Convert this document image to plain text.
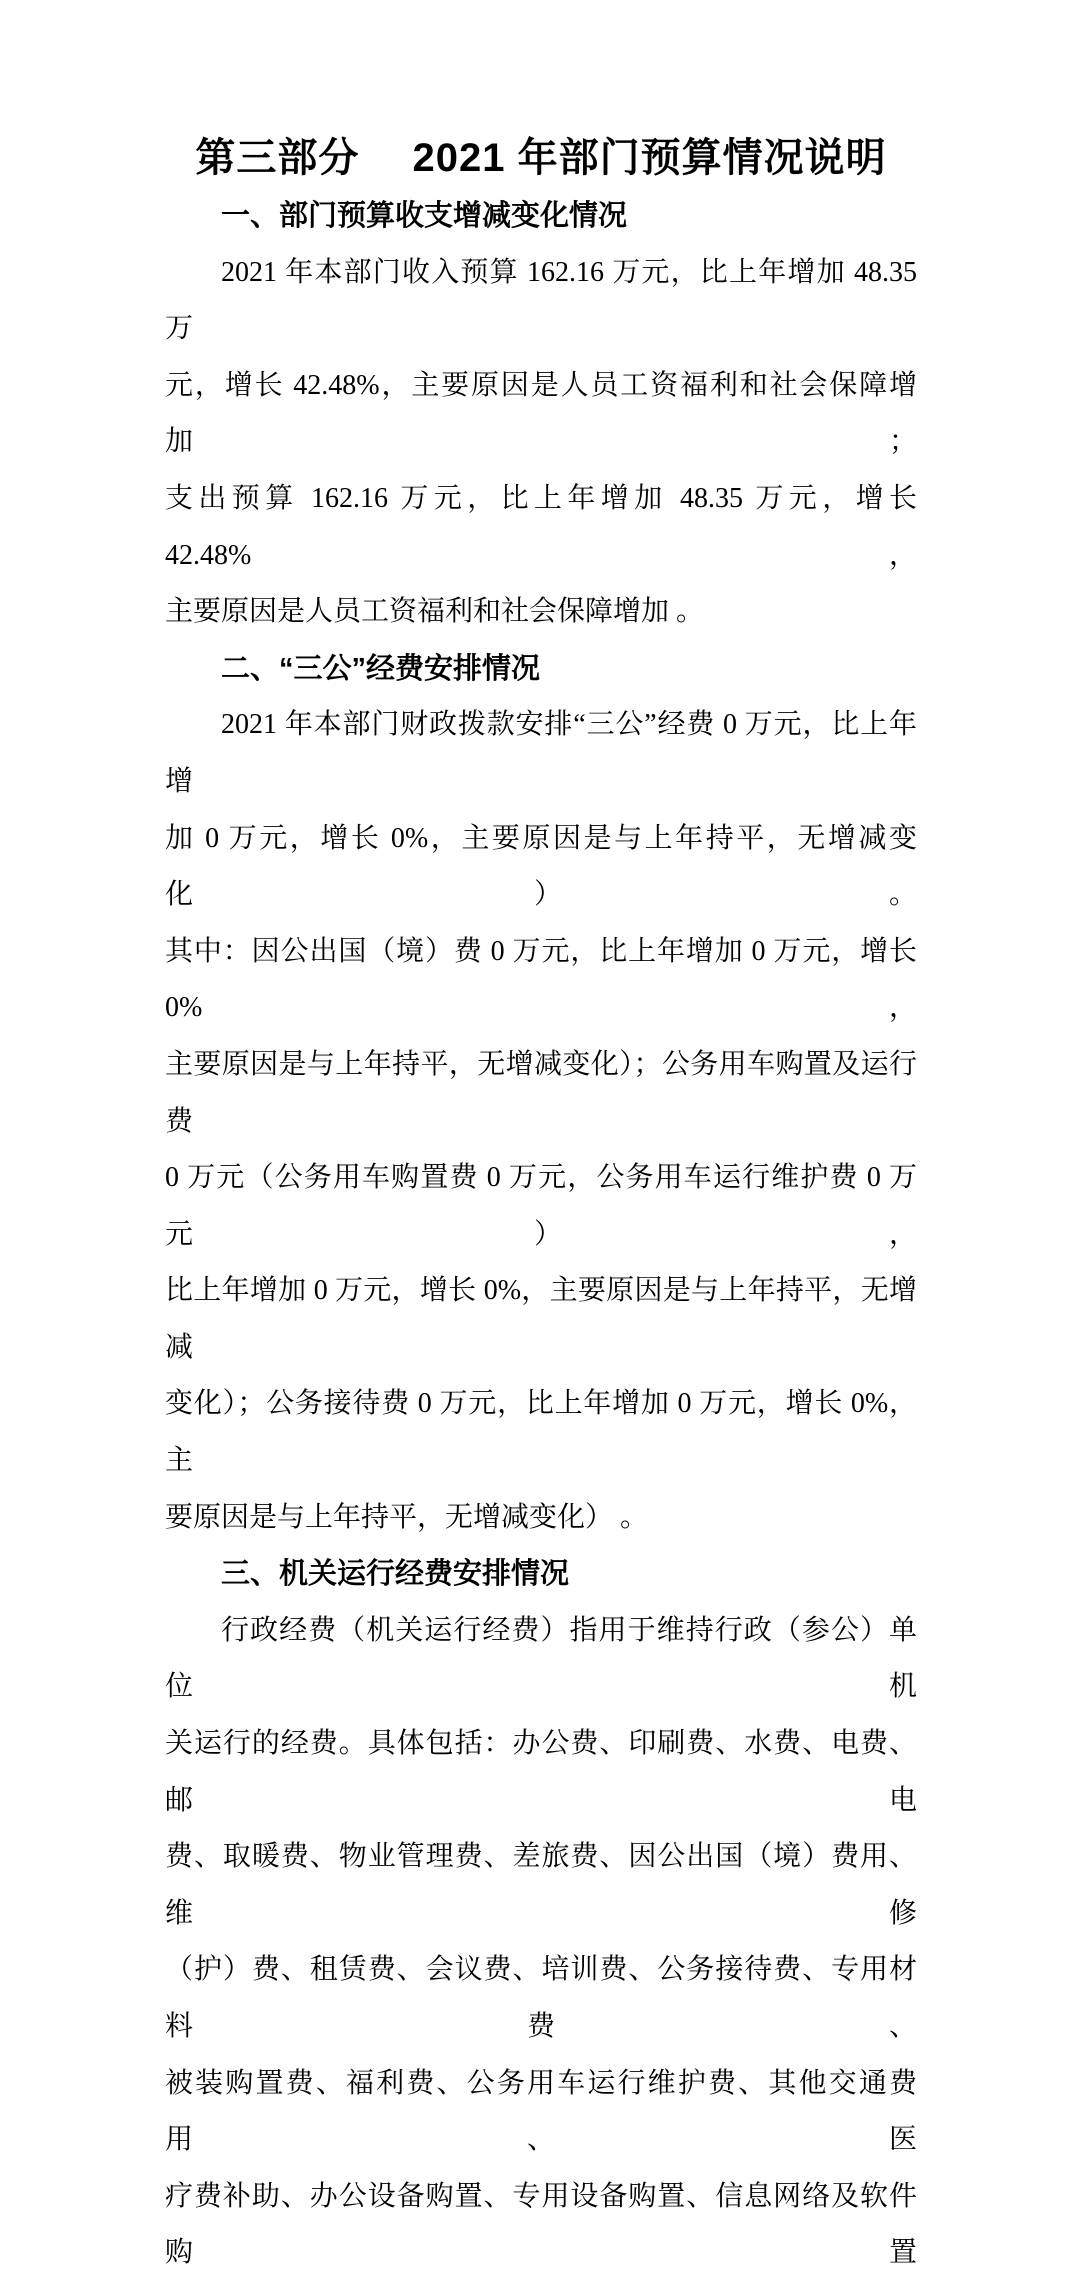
第三部分　 2021 年部门预算情况说明
一、部门预算收支增减变化情况
2021 年本部门收入预算 162.16 万元，比上年增加 48.35 万
元，增长 42.48%，主要原因是人员工资福利和社会保障增加；
支出预算 162.16 万元，比上年增加 48.35 万元，增长 42.48%，
主要原因是人员工资福利和社会保障增加 。
二、“三公”经费安排情况
2021 年本部门财政拨款安排“三公”经费 0 万元，比上年增
加 0 万元，增长 0%，主要原因是与上年持平，无增减变化）。
其中：因公出国（境）费 0 万元，比上年增加 0 万元，增长 0%，
主要原因是与上年持平，无增减变化）；公务用车购置及运行费
0 万元（公务用车购置费 0 万元，公务用车运行维护费 0 万元），
比上年增加 0 万元，增长 0%，主要原因是与上年持平，无增减
变化）；公务接待费 0 万元，比上年增加 0 万元，增长 0%，主
要原因是与上年持平，无增减变化） 。
三、机关运行经费安排情况
行政经费（机关运行经费）指用于维持行政（参公）单位机
关运行的经费。具体包括：办公费、印刷费、水费、电费、邮电
费、取暖费、物业管理费、差旅费、因公出国（境）费用、维修
（护）费、租赁费、会议费、培训费、公务接待费、专用材料费、
被装购置费、福利费、公务用车运行维护费、其他交通费用、医
疗费补助、办公设备购置、专用设备购置、信息网络及软件购置
